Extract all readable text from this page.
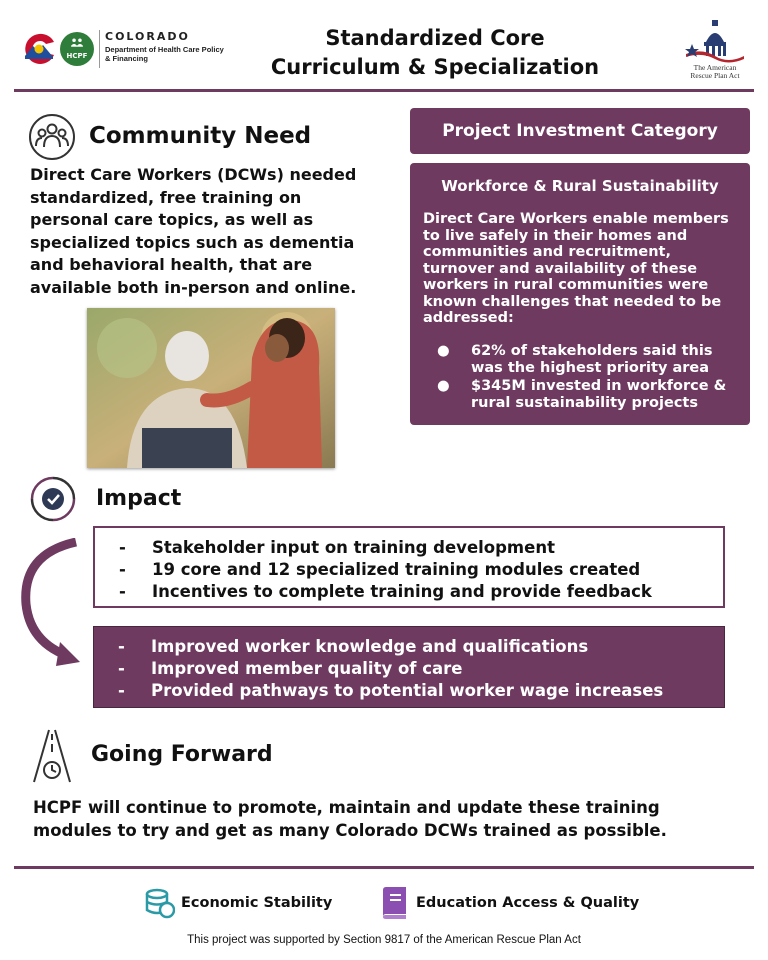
HCPF
COLORADO
Department of Health Care Policy & Financing
Standardized Core
Curriculum & Specialization	The American Rescue Plan Act
Community Need
Direct Care Workers (DCWs) needed standardized, free training on personal care topics, as well as specialized topics such as dementia and behavioral health, that are available both in-person and online.
Project Investment Category
Workforce & Rural Sustainability
Direct Care Workers enable members to live safely in their homes and communities and recruitment, turnover and availability of these workers in rural communities were known challenges that needed to be addressed:
● 62% of stakeholders said this was the highest priority area
● $345M invested in workforce & rural sustainability projects
Impact
- Stakeholder input on training development
- 19 core and 12 specialized training modules created
- Incentives to complete training and provide feedback
- Improved worker knowledge and qualifications
- Improved member quality of care
- Provided pathways to potential worker wage increases
Going Forward
HCPF will continue to promote, maintain and update these training modules to try and get as many Colorado DCWs trained as possible.
Economic Stability	Education Access & Quality
This project was supported by Section 9817 of the American Rescue Plan Act
